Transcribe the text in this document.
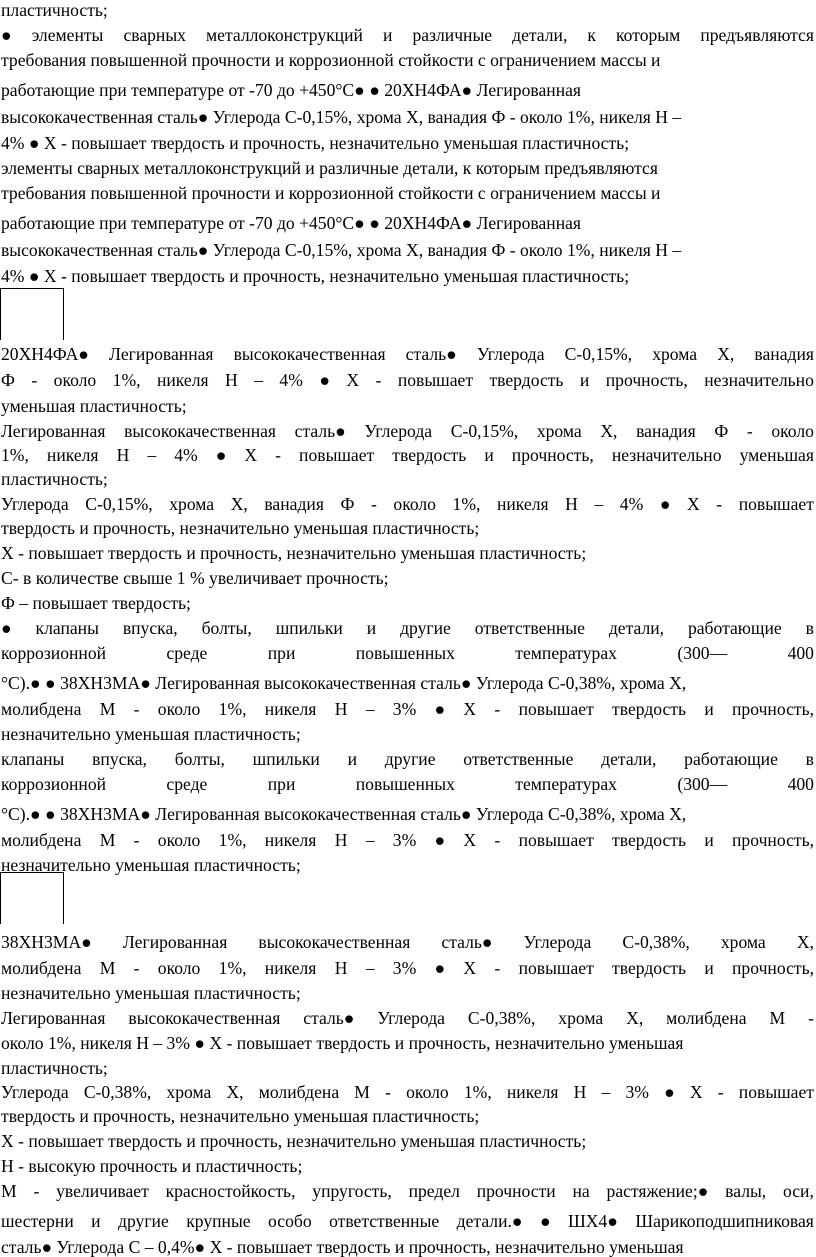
пластичность;
● элементы сварных металлоконструкций и различные детали, к которым предъявляются
требования повышенной прочности и коррозионной стойкости с ограничением массы и
работающие при температуре от -70 до +450°С● ● 20ХН4ФА● Легированная
высококачественная сталь● Углерода С-0,15%, хрома Х, ванадия Ф - около 1%, никеля Н –
4% ● Х - повышает твердость и прочность, незначительно уменьшая пластичность;
элементы сварных металлоконструкций и различные детали, к которым предъявляются
требования повышенной прочности и коррозионной стойкости с ограничением массы и
работающие при температуре от -70 до +450°С● ● 20ХН4ФА● Легированная
высококачественная сталь● Углерода С-0,15%, хрома Х, ванадия Ф - около 1%, никеля Н –
4% ● Х - повышает твердость и прочность, незначительно уменьшая пластичность;
20ХН4ФА● Легированная высококачественная сталь● Углерода С-0,15%, хрома Х, ванадия
Ф - около 1%, никеля Н – 4% ● Х - повышает твердость и прочность, незначительно
уменьшая пластичность;
Легированная высококачественная сталь● Углерода С-0,15%, хрома Х, ванадия Ф - около
1%, никеля Н – 4% ● Х - повышает твердость и прочность, незначительно уменьшая
пластичность;
Углерода С-0,15%, хрома Х, ванадия Ф - около 1%, никеля Н – 4% ● Х - повышает
твердость и прочность, незначительно уменьшая пластичность;
Х - повышает твердость и прочность, незначительно уменьшая пластичность;
С- в количестве свыше 1 % увеличивает прочность;
Ф – повышает твердость;
● клапаны впуска, болты, шпильки и другие ответственные детали, работающие в
коррозионной	среде	при	повышенных	температурах	(300—	400
°С).● ● 38ХН3МА● Легированная высококачественная сталь● Углерода С-0,38%, хрома Х,
молибдена М - около 1%, никеля Н – 3% ● Х - повышает твердость и прочность,
незначительно уменьшая пластичность;
клапаны впуска, болты, шпильки и другие ответственные детали, работающие в
коррозионной	среде	при	повышенных	температурах	(300—	400
°С).● ● 38ХН3МА● Легированная высококачественная сталь● Углерода С-0,38%, хрома Х,
молибдена М - около 1%, никеля Н – 3% ● Х - повышает твердость и прочность,
незначительно уменьшая пластичность;
38ХН3МА● Легированная высококачественная сталь● Углерода С-0,38%, хрома Х,
молибдена М - около 1%, никеля Н – 3% ● Х - повышает твердость и прочность,
незначительно уменьшая пластичность;
Легированная высококачественная сталь● Углерода С-0,38%, хрома Х, молибдена М -
около 1%, никеля Н – 3% ● Х - повышает твердость и прочность, незначительно уменьшая
пластичность;
Углерода С-0,38%, хрома Х, молибдена М - около 1%, никеля Н – 3% ● Х - повышает
твердость и прочность, незначительно уменьшая пластичность;
Х - повышает твердость и прочность, незначительно уменьшая пластичность;
Н - высокую прочность и пластичность;
М - увеличивает красностойкость, упругость, предел прочности на растяжение;● валы, оси,
шестерни и другие крупные особо ответственные детали.● ● ШХ4● Шарикоподшипниковая
сталь● Углерода С – 0,4%● Х - повышает твердость и прочность, незначительно уменьшая
